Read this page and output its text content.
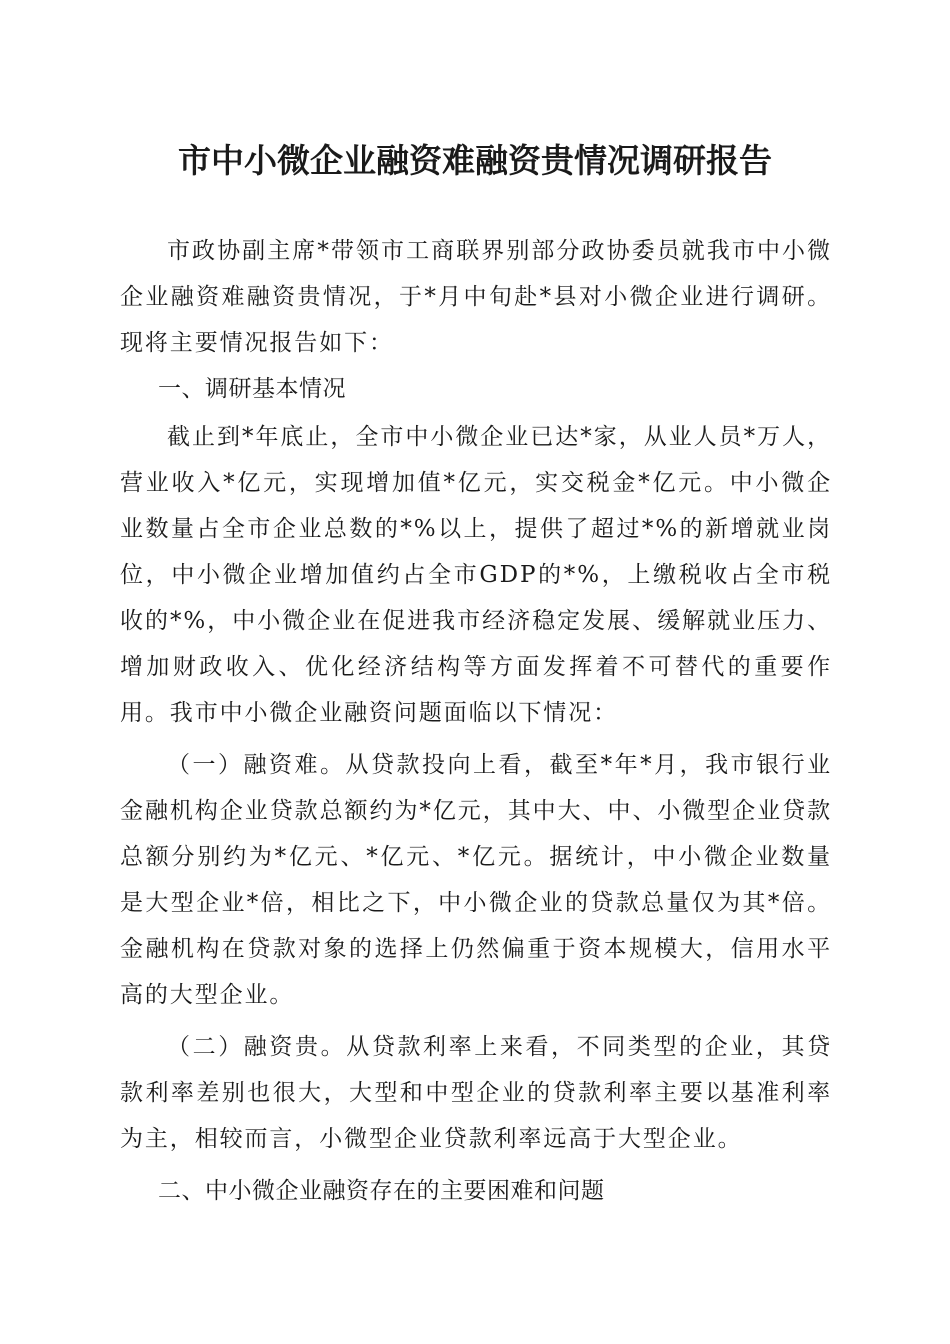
市中小微企业融资难融资贵情况调研报告

市政协副主席*带领市工商联界别部分政协委员就我市中小微企业融资难融资贵情况，于*月中旬赴*县对小微企业进行调研。现将主要情况报告如下：

一、调研基本情况

截止到*年底止，全市中小微企业已达*家，从业人员*万人，营业收入*亿元，实现增加值*亿元，实交税金*亿元。中小微企业数量占全市企业总数的*%以上，提供了超过*%的新增就业岗位，中小微企业增加值约占全市GDP的*%，上缴税收占全市税收的*%，中小微企业在促进我市经济稳定发展、缓解就业压力、增加财政收入、优化经济结构等方面发挥着不可替代的重要作用。我市中小微企业融资问题面临以下情况：

（一）融资难。从贷款投向上看，截至*年*月，我市银行业金融机构企业贷款总额约为*亿元，其中大、中、小微型企业贷款总额分别约为*亿元、*亿元、*亿元。据统计，中小微企业数量是大型企业*倍，相比之下，中小微企业的贷款总量仅为其*倍。金融机构在贷款对象的选择上仍然偏重于资本规模大，信用水平高的大型企业。

（二）融资贵。从贷款利率上来看，不同类型的企业，其贷款利率差别也很大，大型和中型企业的贷款利率主要以基准利率为主，相较而言，小微型企业贷款利率远高于大型企业。

二、中小微企业融资存在的主要困难和问题
